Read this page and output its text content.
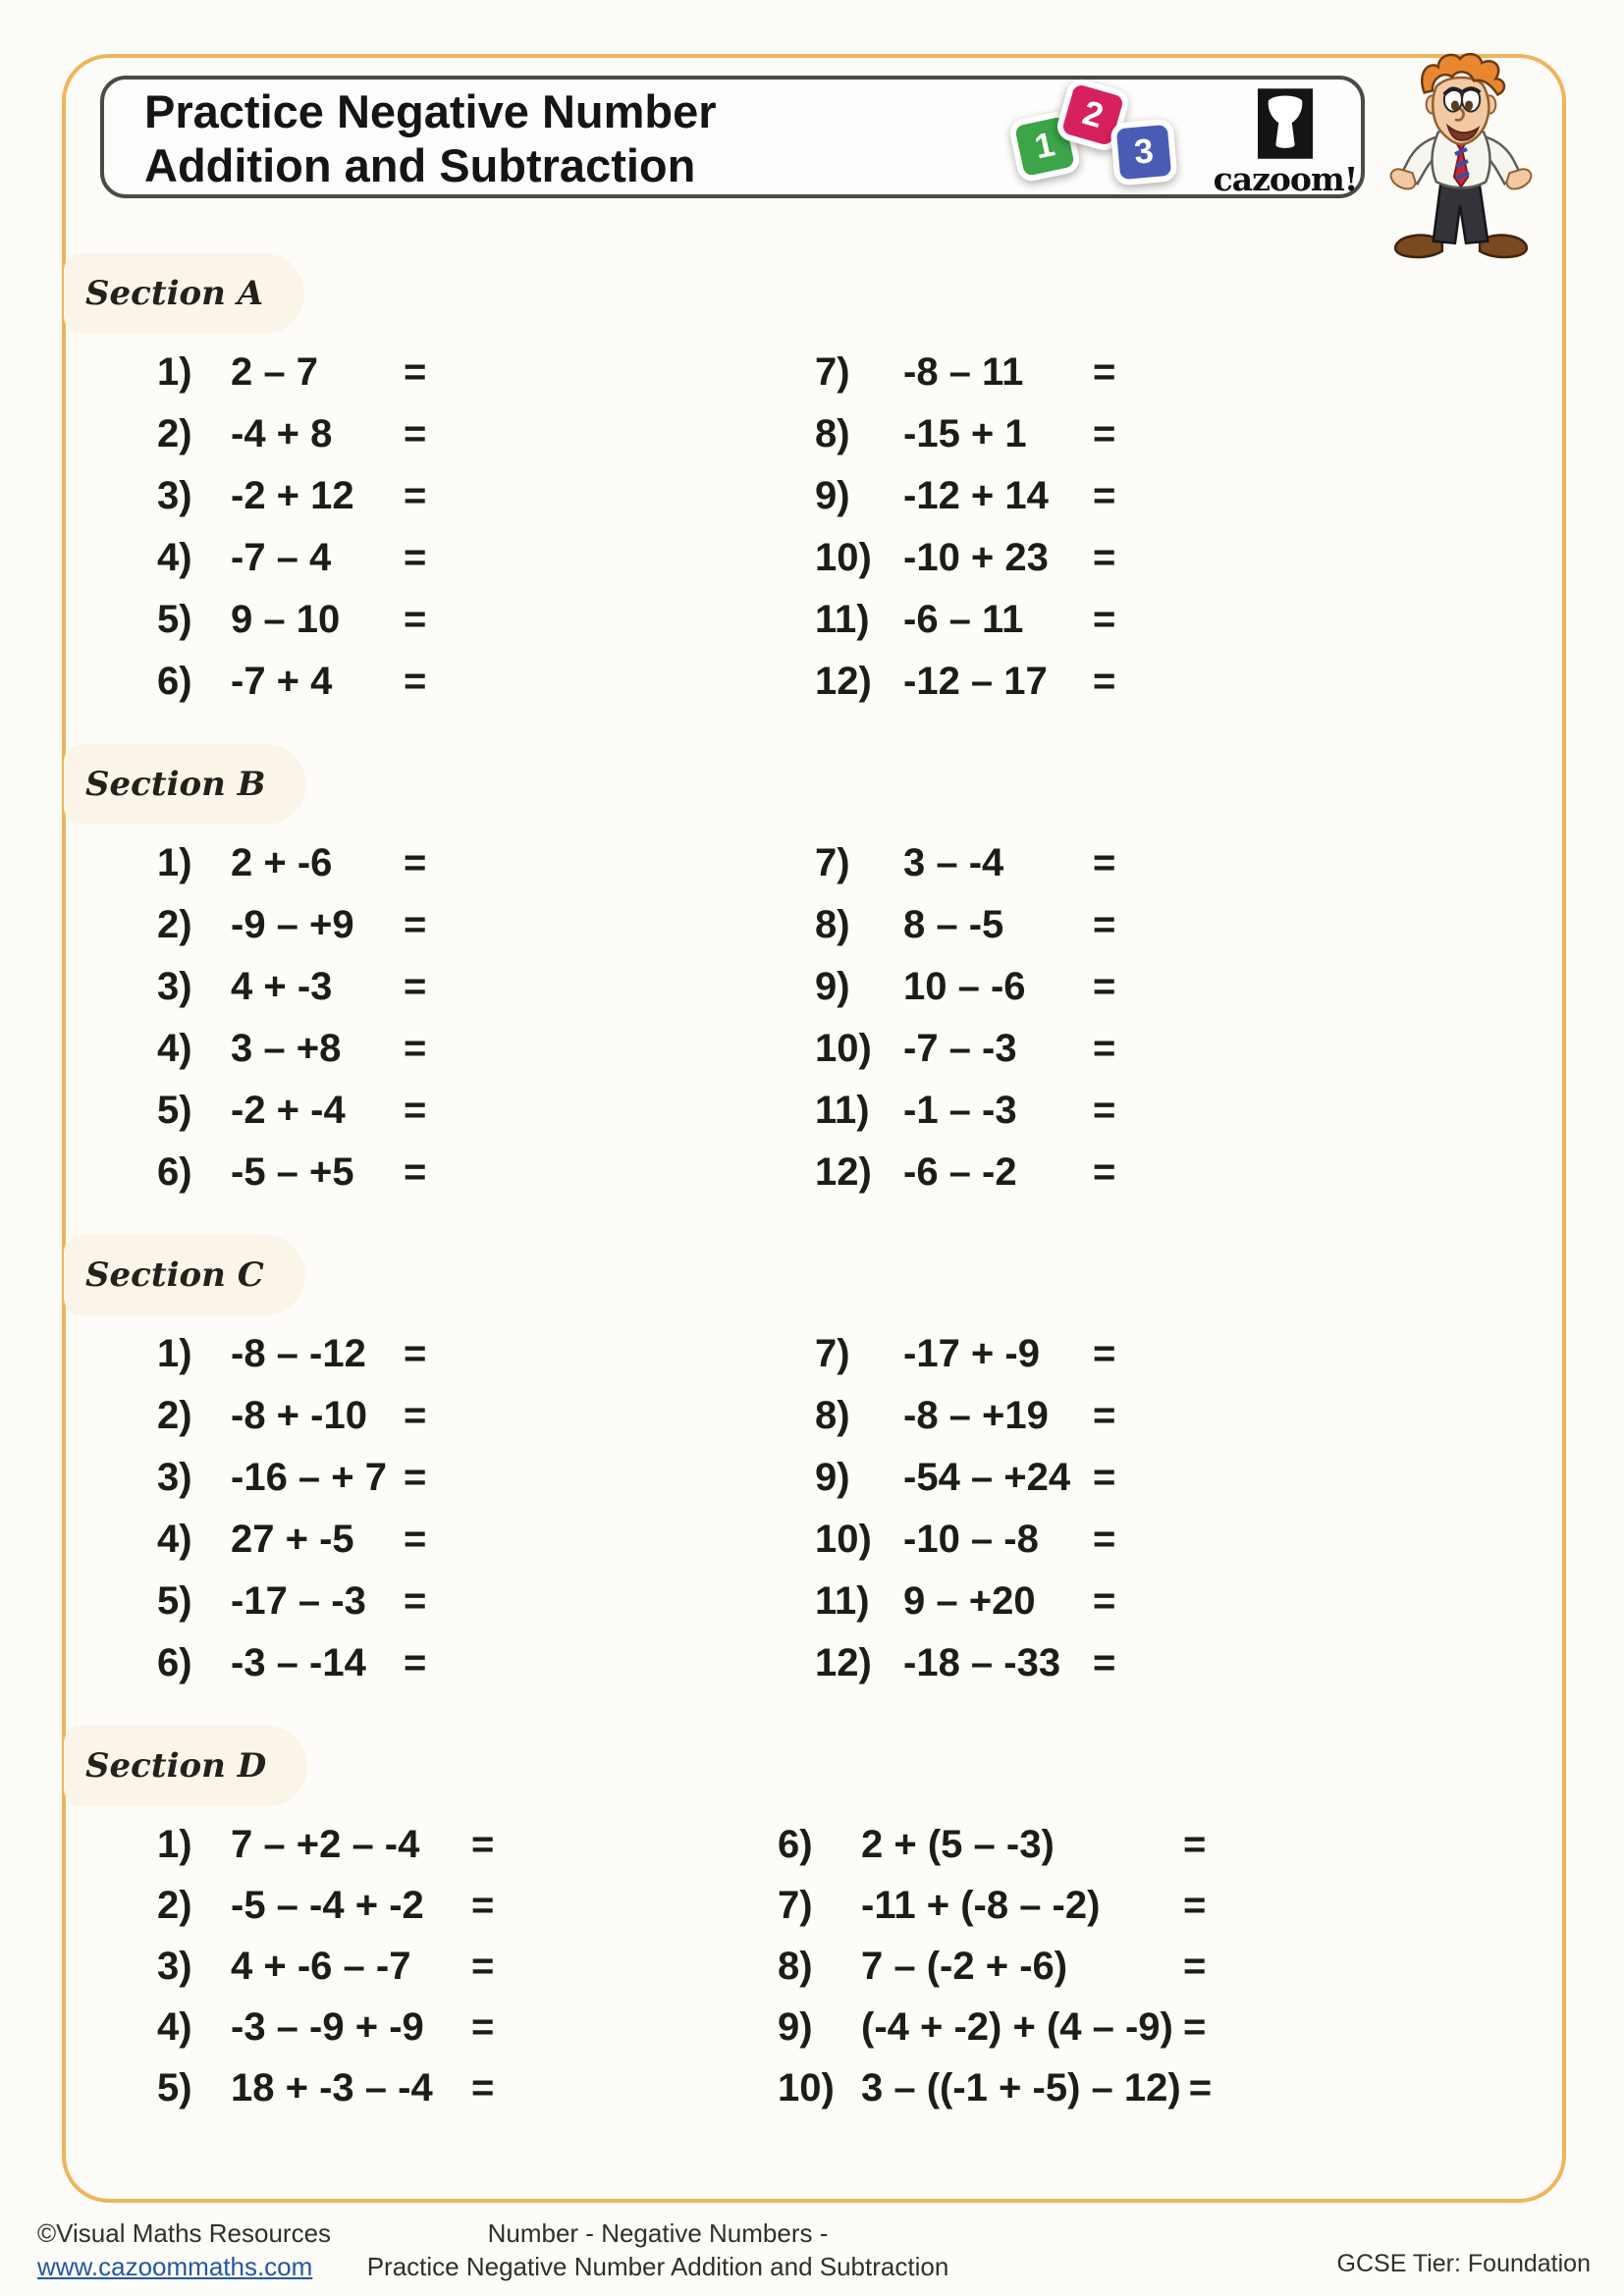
Practice Negative Number
Addition and Subtraction	1
2
3
cazoom!
Section A
1) 2 – 7	=
2) -4 + 8	=
3) -2 + 12	=
4) -7 – 4	=
5) 9 – 10	=
6) -7 + 4	=
7)	-8 – 11	=
8)	-15 + 1	=
9)	-12 + 14	=
10) -10 + 23	=
11) -6 – 11	=
12) -12 – 17	=
Section B
1) 2 + -6	=
2) -9 – +9	=
3) 4 + -3	=
4) 3 – +8	=
5) -2 + -4	=
6) -5 – +5	=
7)	3 – -4	=
8)	8 – -5	=
9)	10 – -6	=
10) -7 – -3	=
11) -1 – -3	=
12) -6 – -2	=
Section C
1) -8 – -12 =
2) -8 + -10 =
3) -16 – + 7 =
4) 27 + -5	=
5) -17 – -3 =
6) -3 – -14 =
7)	-17 + -9	=
8)	-8 – +19	=
9)	-54 – +24 =
10) -10 – -8	=
11) 9 – +20	=
12) -18 – -33 =
Section D
1) 7 – +2 – -4	=
2) -5 – -4 + -2	=
3) 4 + -6 – -7	=
4) -3 – -9 + -9	=
5) 18 + -3 – -4 =
6)	2 + (5 – -3)	=
7)	-11 + (-8 – -2)	=
8)	7 – (-2 + -6)	=
9)	(-4 + -2) + (4 – -9) =
10) 3 – ((-1 + -5) – 12) =
©Visual Maths Resources
www.cazoommaths.com
Number - Negative Numbers -
Practice Negative Number Addition and Subtraction	GCSE Tier: Foundation
